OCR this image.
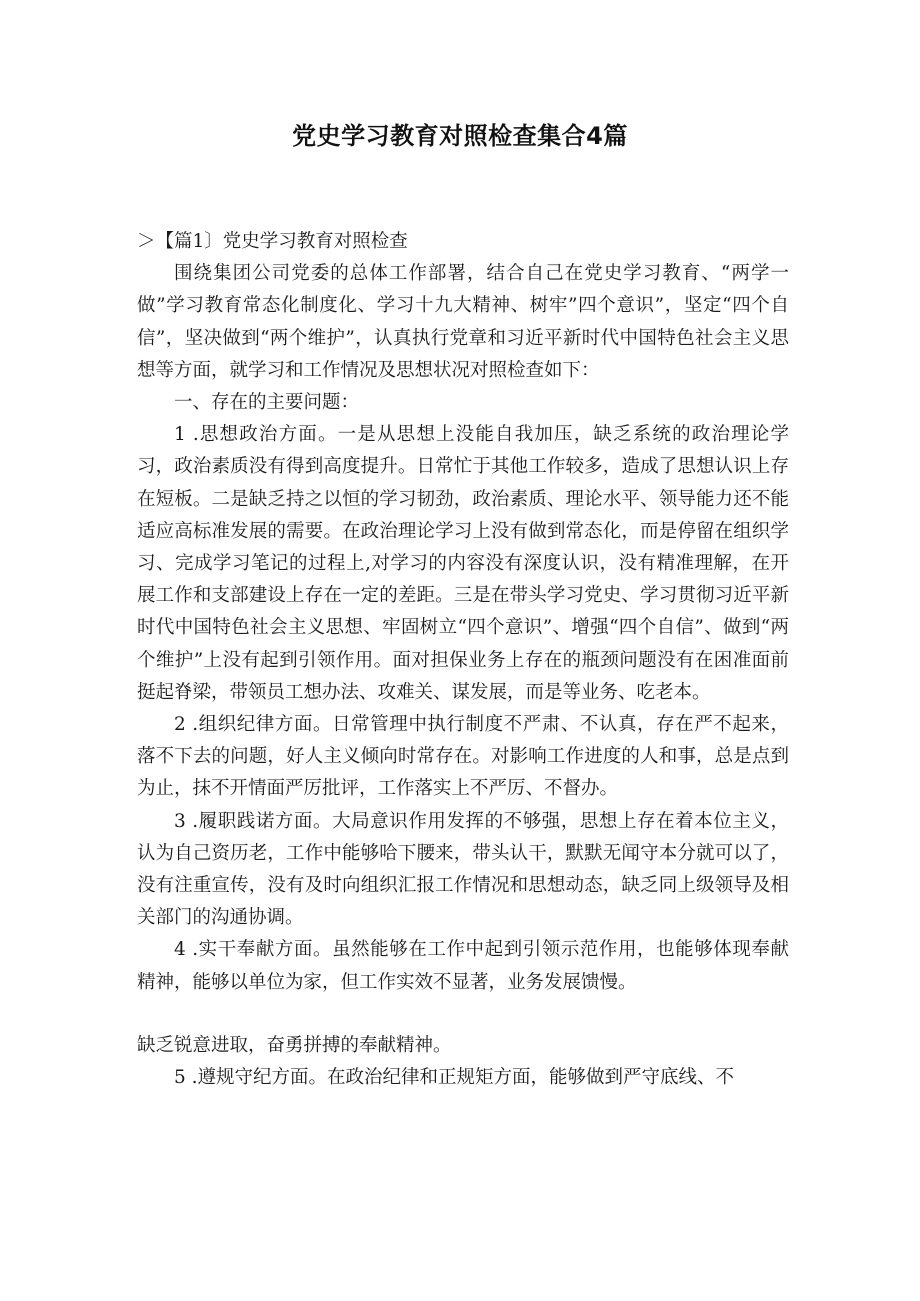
党史学习教育对照检查集合4篇

＞【篇1〕党史学习教育对照检查

围绕集团公司党委的总体工作部署，结合自己在党史学习教育、“两学一做”学习教育常态化制度化、学习十九大精神、树牢”四个意识”，坚定“四个自信”，坚决做到“两个维护”，认真执行党章和习近平新时代中国特色社会主义思想等方面，就学习和工作情况及思想状况对照检查如下：

一、存在的主要问题：

1 .思想政治方面。一是从思想上没能自我加压，缺乏系统的政治理论学习，政治素质没有得到高度提升。日常忙于其他工作较多，造成了思想认识上存在短板。二是缺乏持之以恒的学习韧劲，政治素质、理论水平、领导能力还不能适应高标准发展的需要。在政治理论学习上没有做到常态化，而是停留在组织学习、完成学习笔记的过程上,对学习的内容没有深度认识，没有精准理解，在开展工作和支部建设上存在一定的差距。三是在带头学习党史、学习贯彻习近平新时代中国特色社会主义思想、牢固树立“四个意识”、增强“四个自信”、做到“两个维护”上没有起到引领作用。面对担保业务上存在的瓶颈问题没有在困准面前挺起脊梁，带领员工想办法、攻难关、谋发展，而是等业务、吃老本。

2 .组织纪律方面。日常管理中执行制度不严肃、不认真，存在严不起来，落不下去的问题，好人主义倾向时常存在。对影响工作进度的人和事，总是点到为止，抹不开情面严厉批评，工作落实上不严厉、不督办。

3 .履职践诺方面。大局意识作用发挥的不够强，思想上存在着本位主义，认为自己资历老，工作中能够哈下腰来，带头认干，默默无闻守本分就可以了，没有注重宣传，没有及时向组织汇报工作情况和思想动态，缺乏同上级领导及相关部门的沟通协调。

4 .实干奉献方面。虽然能够在工作中起到引领示范作用，也能够体现奉献精神，能够以单位为家，但工作实效不显著，业务发展馈慢。

缺乏锐意进取，奋勇拼搏的奉献精神。

5 .遵规守纪方面。在政治纪律和正规矩方面，能够做到严守底线、不
